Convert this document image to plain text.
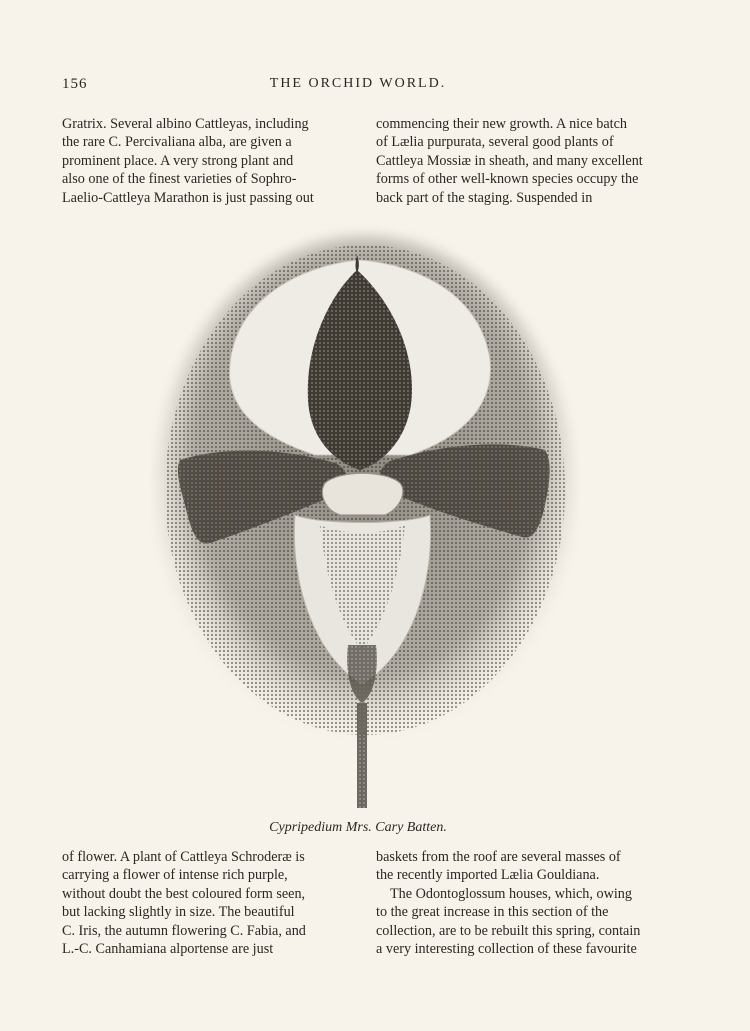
156	THE ORCHID WORLD.

Gratrix. Several albino Cattleyas, including

the rare C. Percivaliana alba, are given a

prominent place. A very strong plant and

also one of the finest varieties of Sophro-

Laelio-Cattleya Marathon is just passing out

commencing their new growth. A nice batch

of Lælia purpurata, several good plants of

Cattleya Mossiæ in sheath, and many excellent

forms of other well-known species occupy the

back part of the staging. Suspended in

Cypripedium Mrs. Cary Batten.

of flower. A plant of Cattleya Schroderæ is

carrying a flower of intense rich purple,

without doubt the best coloured form seen,

but lacking slightly in size. The beautiful

C. Iris, the autumn flowering C. Fabia, and

L.-C. Canhamiana alportense are just

baskets from the roof are several masses of

the recently imported Lælia Gouldiana.

The Odontoglossum houses, which, owing

to the great increase in this section of the

collection, are to be rebuilt this spring, contain

a very interesting collection of these favourite
